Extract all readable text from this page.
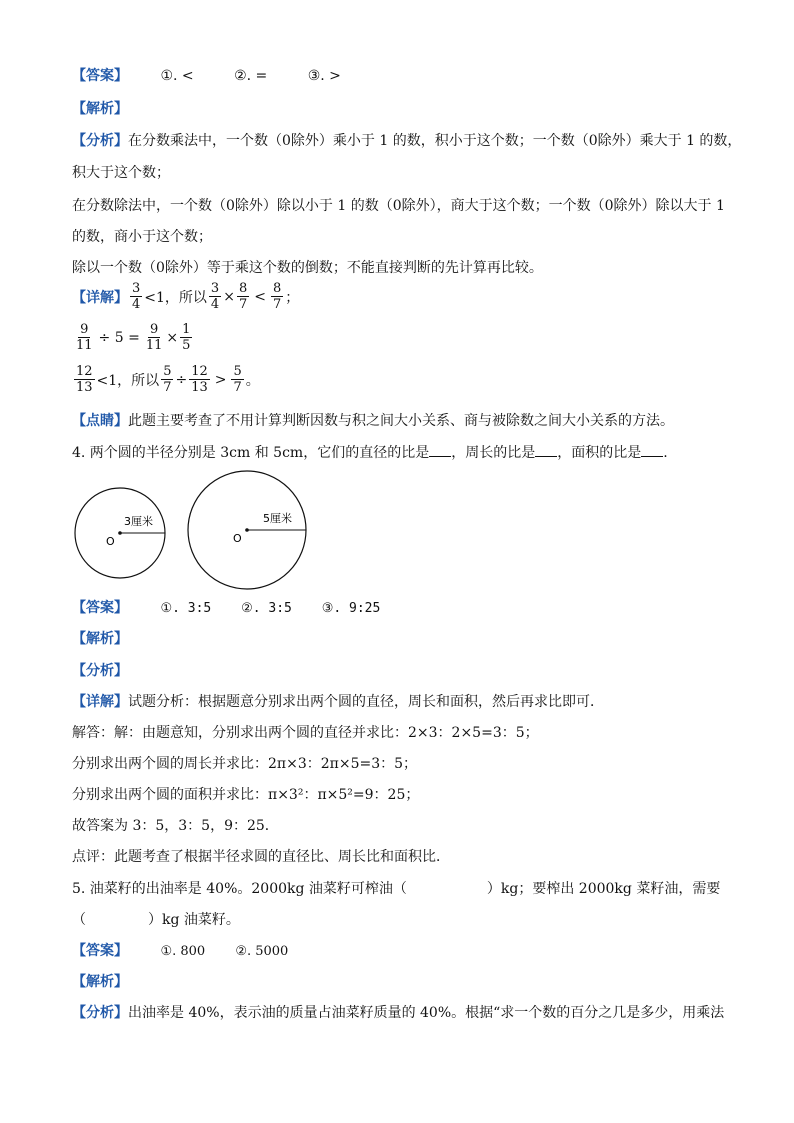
【答案】 ①. <	②. =	③. >
【解析】
【分析】在分数乘法中，一个数（0除外）乘小于 1 的数，积小于这个数；一个数（0除外）乘大于 1 的数，
积大于这个数；
在分数除法中，一个数（0除外）除以小于 1 的数（0除外），商大于这个数；一个数（0除外）除以大于 1
的数，商小于这个数；
除以一个数（0除外）等于乘这个数的倒数；不能直接判断的先计算再比较。
【详解】 $\frac{3}{4} <1$，所以 $\frac{3}{4} \times \frac{8}{7} < \frac{8}{7}$ ；
$\frac{9}{11} \div 5 = \frac{9}{11} \times \frac{1}{5}$
$\frac{12}{13} <1$，所以 $\frac{5}{7} \div \frac{12}{13} > \frac{5}{7}$ 。
【点睛】此题主要考查了不用计算判断因数与积之间大小关系、商与被除数之间大小关系的方法。
4. 两个圆的半径分别是 3cm 和 5cm，它们的直径的比是 ，周长的比是 ，面积的比是 .
3厘米
O
5厘米
O
【答案】 ①. 3:5 ②. 3:5 ③. 9:25
【解析】
【分析】
【详解】试题分析：根据题意分别求出两个圆的直径，周长和面积，然后再求比即可．
解答：解：由题意知，分别求出两个圆的直径并求比：2×3：2×5=3：5；
分别求出两个圆的周长并求比：2π×3：2π×5=3：5；
分别求出两个圆的面积并求比：π×3²：π×5²=9：25；
故答案为 3：5，3：5，9：25．
点评：此题考查了根据半径求圆的直径比、周长比和面积比．
5. 油菜籽的出油率是 40%。2000kg 油菜籽可榨油（	）kg；要榨出 2000kg 菜籽油，需要
（	）kg 油菜籽。
【答案】 ①. 800 ②. 5000
【解析】
【分析】出油率是 40%，表示油的质量占油菜籽质量的 40%。根据“求一个数的百分之几是多少，用乘法
